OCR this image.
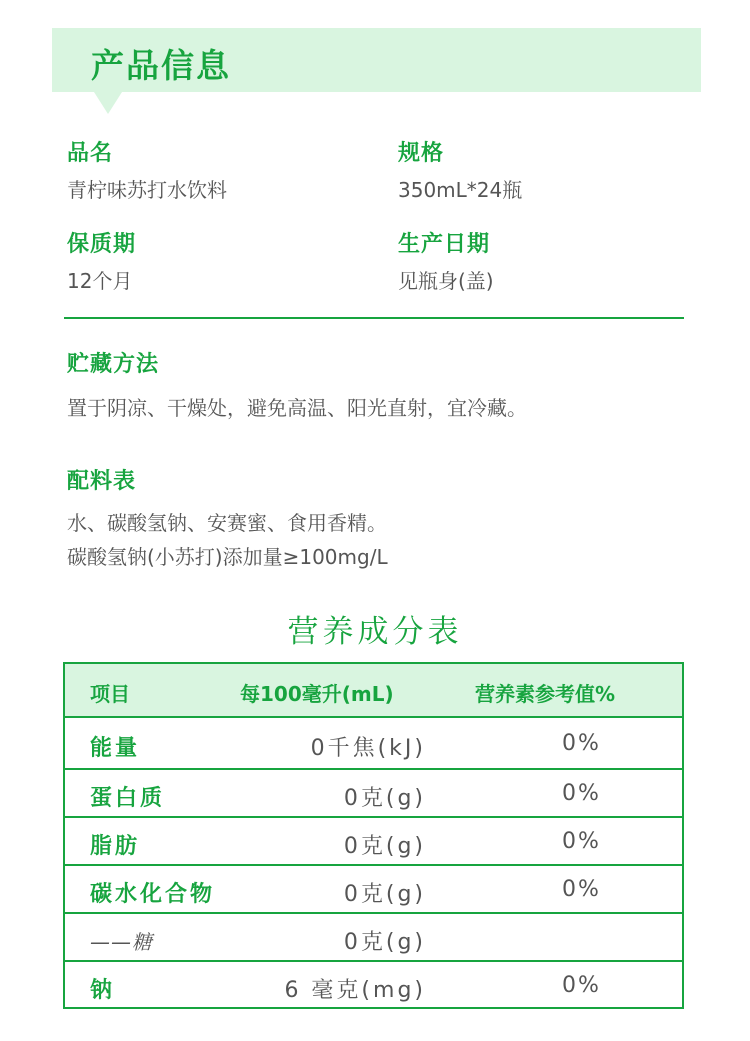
产品信息
品名
青柠味苏打水饮料
规格
350mL*24瓶
保质期
12个月
生产日期
见瓶身(盖)
贮藏方法
置于阴凉、干燥处，避免高温、阳光直射，宜冷藏。
配料表
水、碳酸氢钠、安赛蜜、食用香精。
碳酸氢钠(小苏打)添加量≥100mg/L
营养成分表
项目	每100毫升(mL)	营养素参考值%
能量	0千焦(kJ)	0%
蛋白质	0克(g)	0%
脂肪	0克(g)	0%
碳水化合物	0克(g)	0%
——糖	0克(g)
钠	6 毫克(mg)	0%
